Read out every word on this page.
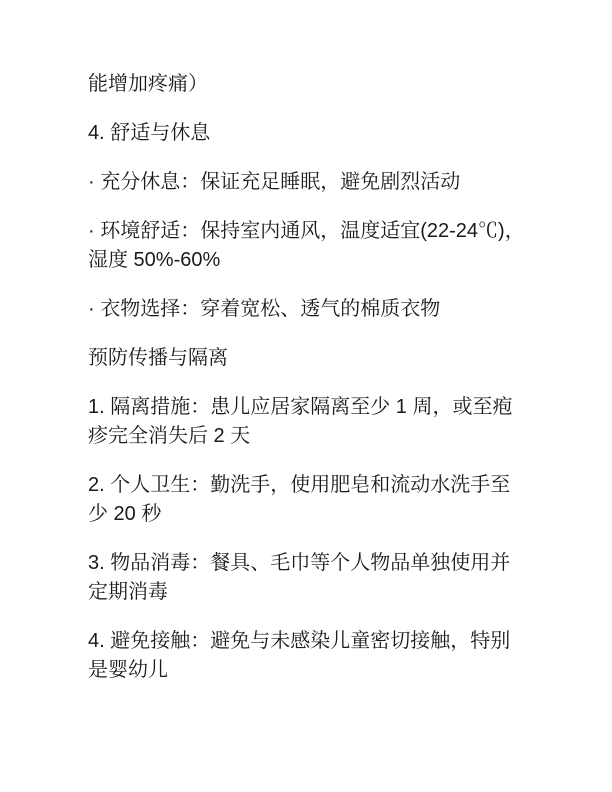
能增加疼痛）

4. 舒适与休息

· 充分休息：保证充足睡眠，避免剧烈活动

· 环境舒适：保持室内通风，温度适宜(22-24℃)，
湿度 50%-60%

· 衣物选择：穿着宽松、透气的棉质衣物

预防传播与隔离

1. 隔离措施：患儿应居家隔离至少 1 周，或至疱
疹完全消失后 2 天

2. 个人卫生：勤洗手，使用肥皂和流动水洗手至
少 20 秒

3. 物品消毒：餐具、毛巾等个人物品单独使用并
定期消毒

4. 避免接触：避免与未感染儿童密切接触，特别
是婴幼儿
